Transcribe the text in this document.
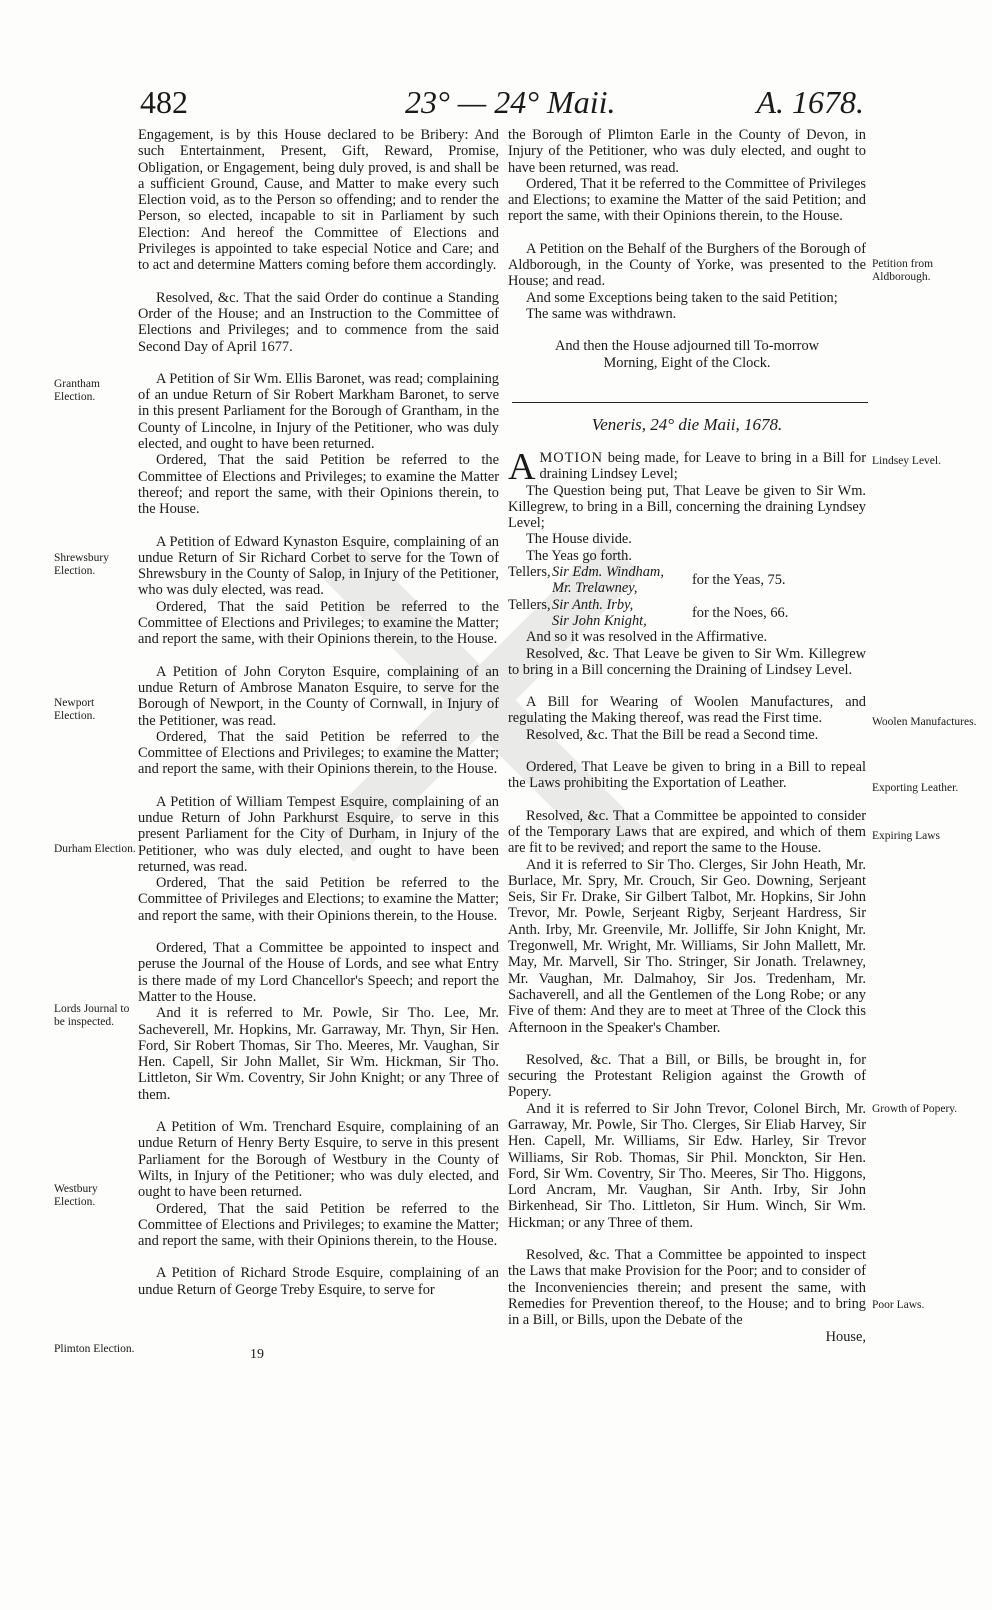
482	23° — 24° Maii.	A. 1678.

Engagement, is by this House declared to be Bribery: And such Entertainment, Present, Gift, Reward, Promise, Obligation, or Engagement, being duly proved, is and shall be a sufficient Ground, Cause, and Matter to make every such Election void, as to the Person so offending; and to render the Person, so elected, incapable to sit in Parliament by such Election: And hereof the Committee of Elections and Privileges is appointed to take especial Notice and Care; and to act and determine Matters coming before them accordingly.

Resolved, &c. That the said Order do continue a Standing Order of the House; and an Instruction to the Committee of Elections and Privileges; and to commence from the said Second Day of April 1677.

A Petition of Sir Wm. Ellis Baronet, was read; complaining of an undue Return of Sir Robert Markham Baronet, to serve in this present Parliament for the Borough of Grantham, in the County of Lincolne, in Injury of the Petitioner, who was duly elected, and ought to have been returned.

Ordered, That the said Petition be referred to the Committee of Elections and Privileges; to examine the Matter thereof; and report the same, with their Opinions therein, to the House.

A Petition of Edward Kynaston Esquire, complaining of an undue Return of Sir Richard Corbet to serve for the Town of Shrewsbury in the County of Salop, in Injury of the Petitioner, who was duly elected, was read.

Ordered, That the said Petition be referred to the Committee of Elections and Privileges; to examine the Matter; and report the same, with their Opinions therein, to the House.

A Petition of John Coryton Esquire, complaining of an undue Return of Ambrose Manaton Esquire, to serve for the Borough of Newport, in the County of Cornwall, in Injury of the Petitioner, was read.

Ordered, That the said Petition be referred to the Committee of Elections and Privileges; to examine the Matter; and report the same, with their Opinions therein, to the House.

A Petition of William Tempest Esquire, complaining of an undue Return of John Parkhurst Esquire, to serve in this present Parliament for the City of Durham, in Injury of the Petitioner, who was duly elected, and ought to have been returned, was read.

Ordered, That the said Petition be referred to the Committee of Privileges and Elections; to examine the Matter; and report the same, with their Opinions therein, to the House.

Ordered, That a Committee be appointed to inspect and peruse the Journal of the House of Lords, and see what Entry is there made of my Lord Chancellor's Speech; and report the Matter to the House.

And it is referred to Mr. Powle, Sir Tho. Lee, Mr. Sacheverell, Mr. Hopkins, Mr. Garraway, Mr. Thyn, Sir Hen. Ford, Sir Robert Thomas, Sir Tho. Meeres, Mr. Vaughan, Sir Hen. Capell, Sir John Mallet, Sir Wm. Hickman, Sir Tho. Littleton, Sir Wm. Coventry, Sir John Knight; or any Three of them.

A Petition of Wm. Trenchard Esquire, complaining of an undue Return of Henry Berty Esquire, to serve in this present Parliament for the Borough of Westbury in the County of Wilts, in Injury of the Petitioner; who was duly elected, and ought to have been returned.

Ordered, That the said Petition be referred to the Committee of Elections and Privileges; to examine the Matter; and report the same, with their Opinions therein, to the House.

A Petition of Richard Strode Esquire, complaining of an undue Return of George Treby Esquire, to serve for

19
Grantham Election.
Shrewsbury Election.
Newport Election.
Durham Election.
Lords Journal to be inspected.
Westbury Election.
Plimton Election.

the Borough of Plimton Earle in the County of Devon, in Injury of the Petitioner, who was duly elected, and ought to have been returned, was read.

Ordered, That it be referred to the Committee of Privileges and Elections; to examine the Matter of the said Petition; and report the same, with their Opinions therein, to the House.

A Petition on the Behalf of the Burghers of the Borough of Aldborough, in the County of Yorke, was presented to the House; and read.

And some Exceptions being taken to the said Petition;

The same was withdrawn.

And then the House adjourned till To-morrow Morning, Eight of the Clock.

Veneris, 24° die Maii, 1678.

AMOTION being made, for Leave to bring in a Bill for draining Lindsey Level;

The Question being put, That Leave be given to Sir Wm. Killegrew, to bring in a Bill, concerning the draining Lyndsey Level;

The House divide.

The Yeas go forth.

Tellers, Sir Edm. Windham,
Mr. Trelawney,
for the Yeas, 75.
Tellers, Sir Anth. Irby,
Sir John Knight,
for the Noes, 66.

And so it was resolved in the Affirmative.

Resolved, &c. That Leave be given to Sir Wm. Killegrew to bring in a Bill concerning the Draining of Lindsey Level.

A Bill for Wearing of Woolen Manufactures, and regulating the Making thereof, was read the First time.

Resolved, &c. That the Bill be read a Second time.

Ordered, That Leave be given to bring in a Bill to repeal the Laws prohibiting the Exportation of Leather.

Resolved, &c. That a Committee be appointed to consider of the Temporary Laws that are expired, and which of them are fit to be revived; and report the same to the House.

And it is referred to Sir Tho. Clerges, Sir John Heath, Mr. Burlace, Mr. Spry, Mr. Crouch, Sir Geo. Downing, Serjeant Seis, Sir Fr. Drake, Sir Gilbert Talbot, Mr. Hopkins, Sir John Trevor, Mr. Powle, Serjeant Rigby, Serjeant Hardress, Sir Anth. Irby, Mr. Greenvile, Mr. Jolliffe, Sir John Knight, Mr. Tregonwell, Mr. Wright, Mr. Williams, Sir John Mallett, Mr. May, Mr. Marvell, Sir Tho. Stringer, Sir Jonath. Trelawney, Mr. Vaughan, Mr. Dalmahoy, Sir Jos. Tredenham, Mr. Sachaverell, and all the Gentlemen of the Long Robe; or any Five of them: And they are to meet at Three of the Clock this Afternoon in the Speaker's Chamber.

Resolved, &c. That a Bill, or Bills, be brought in, for securing the Protestant Religion against the Growth of Popery.

And it is referred to Sir John Trevor, Colonel Birch, Mr. Garraway, Mr. Powle, Sir Tho. Clerges, Sir Eliab Harvey, Sir Hen. Capell, Mr. Williams, Sir Edw. Harley, Sir Trevor Williams, Sir Rob. Thomas, Sir Phil. Monckton, Sir Hen. Ford, Sir Wm. Coventry, Sir Tho. Meeres, Sir Tho. Higgons, Lord Ancram, Mr. Vaughan, Sir Anth. Irby, Sir John Birkenhead, Sir Tho. Littleton, Sir Hum. Winch, Sir Wm. Hickman; or any Three of them.

Resolved, &c. That a Committee be appointed to inspect the Laws that make Provision for the Poor; and to consider of the Inconveniencies therein; and present the same, with Remedies for Prevention thereof, to the House; and to bring in a Bill, or Bills, upon the Debate of the

House,

Petition from Aldborough.
Lindsey Level.
Woolen Manufactures.
Exporting Leather.
Expiring Laws
Growth of Popery.
Poor Laws.
